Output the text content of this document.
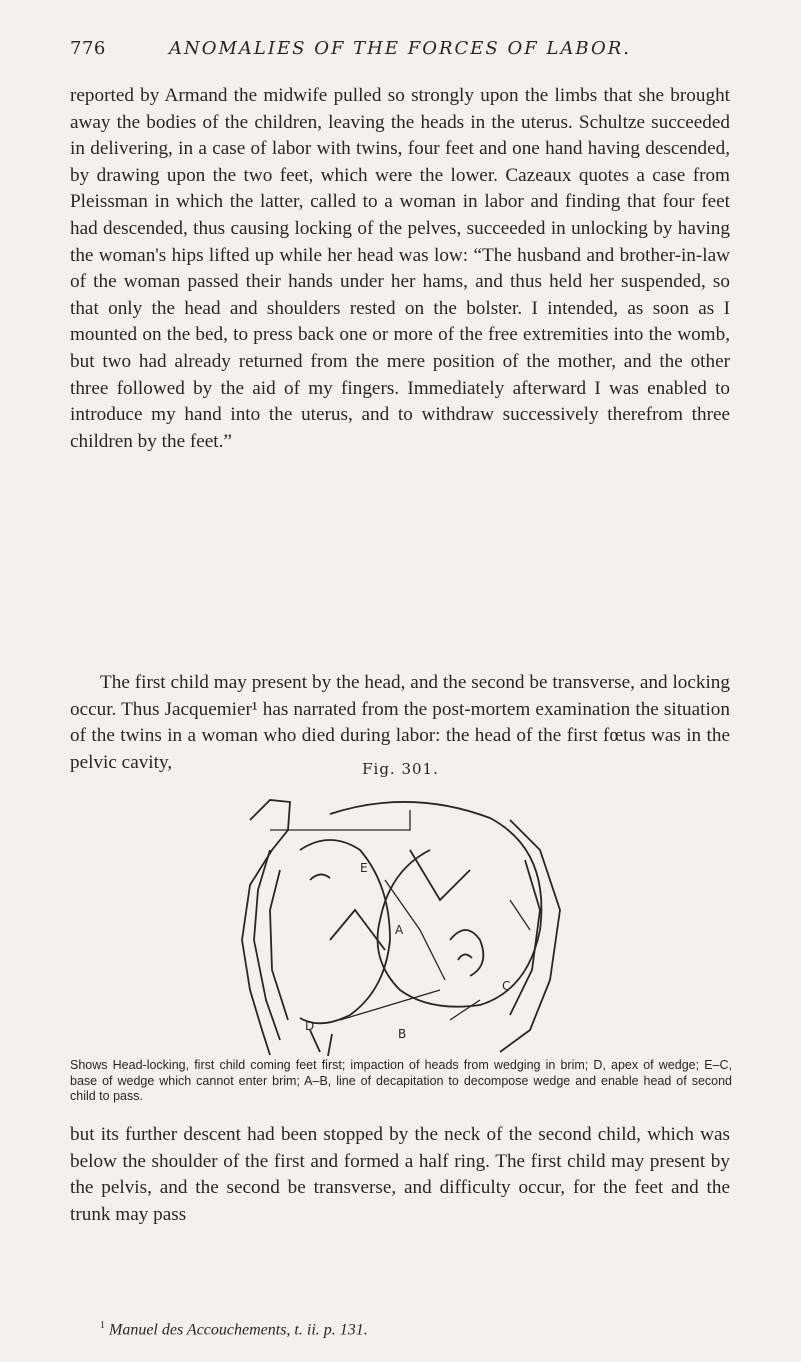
776	ANOMALIES OF THE FORCES OF LABOR.

reported by Armand the midwife pulled so strongly upon the limbs that she brought away the bodies of the children, leaving the heads in the uterus. Schultze succeeded in delivering, in a case of labor with twins, four feet and one hand having descended, by drawing upon the two feet, which were the lower. Cazeaux quotes a case from Pleissman in which the latter, called to a woman in labor and finding that four feet had descended, thus causing locking of the pelves, succeeded in unlocking by having the woman's hips lifted up while her head was low: “The husband and brother-in-law of the woman passed their hands under her hams, and thus held her suspended, so that only the head and shoulders rested on the bolster. I intended, as soon as I mounted on the bed, to press back one or more of the free extremities into the womb, but two had already returned from the mere position of the mother, and the other three followed by the aid of my fingers. Immediately afterward I was enabled to introduce my hand into the uterus, and to withdraw successively therefrom three children by the feet.”

The first child may present by the head, and the second be transverse, and locking occur. Thus Jacquemier¹ has narrated from the post-mortem examination the situation of the twins in a woman who died during labor: the head of the first fœtus was in the pelvic cavity,	Fig. 301.
E
A
C
D
B

Shows Head-locking, first child coming feet first; impaction of heads from wedging in brim; D, apex of wedge; E–C, base of wedge which cannot enter brim; A–B, line of decapitation to decompose wedge and enable head of second child to pass.

but its further descent had been stopped by the neck of the second child, which was below the shoulder of the first and formed a half ring. The first child may present by the pelvis, and the second be transverse, and difficulty occur, for the feet and the trunk may pass

$^1$ Manuel des Accouchements, t. ii. p. 131.
